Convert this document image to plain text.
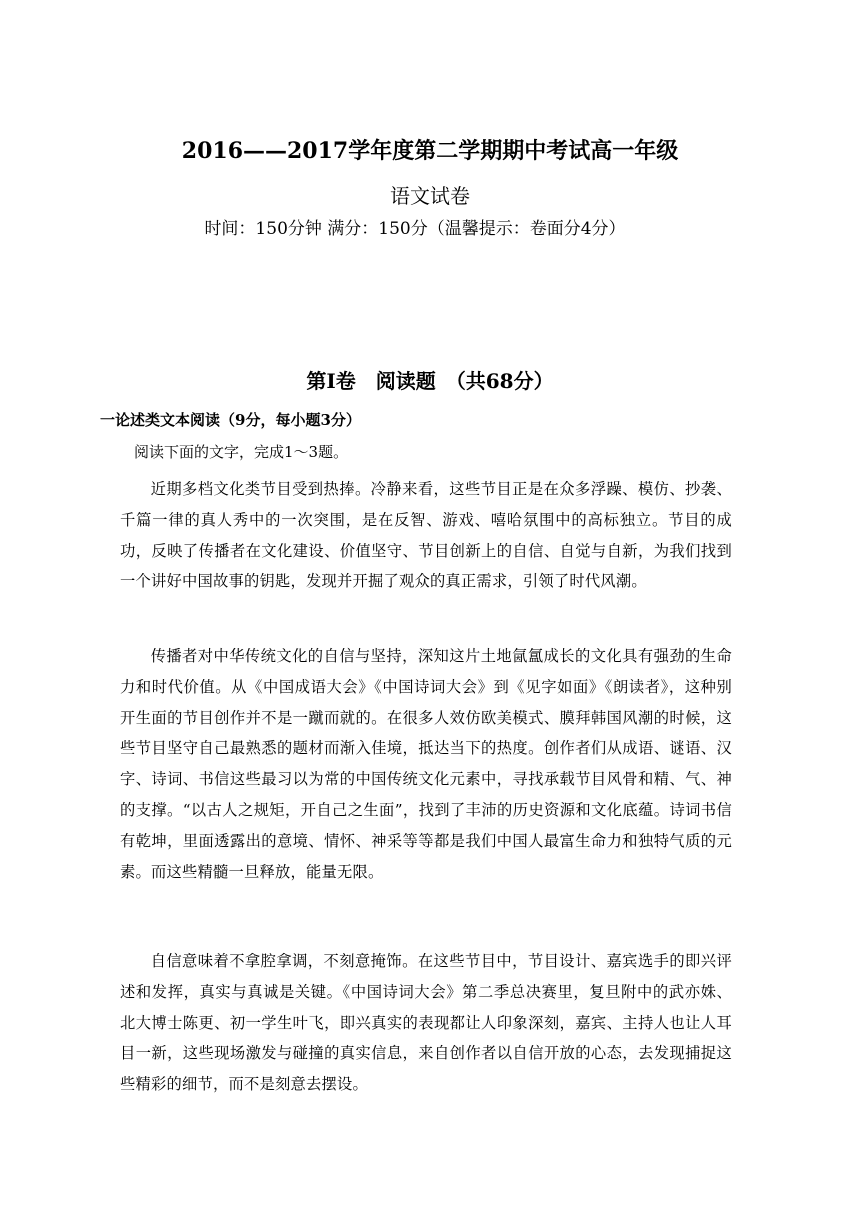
2016——2017学年度第二学期期中考试高一年级
语文试卷
时间：150分钟 满分：150分（温馨提示：卷面分4分）
第Ⅰ卷　阅读题　（共68分）
一论述类文本阅读（9分，每小题3分）
阅读下面的文字，完成1～3题。

近期多档文化类节目受到热捧。冷静来看，这些节目正是在众多浮躁、模仿、抄袭、千篇一律的真人秀中的一次突围，是在反智、游戏、嘻哈氛围中的高标独立。节目的成功，反映了传播者在文化建设、价值坚守、节目创新上的自信、自觉与自新，为我们找到一个讲好中国故事的钥匙，发现并开掘了观众的真正需求，引领了时代风潮。

传播者对中华传统文化的自信与坚持，深知这片土地氤氲成长的文化具有强劲的生命力和时代价值。从《中国成语大会》《中国诗词大会》到《见字如面》《朗读者》，这种别开生面的节目创作并不是一蹴而就的。在很多人效仿欧美模式、膜拜韩国风潮的时候，这些节目坚守自己最熟悉的题材而渐入佳境，抵达当下的热度。创作者们从成语、谜语、汉字、诗词、书信这些最习以为常的中国传统文化元素中，寻找承载节目风骨和精、气、神的支撑。“以古人之规矩，开自己之生面”，找到了丰沛的历史资源和文化底蕴。诗词书信有乾坤，里面透露出的意境、情怀、神采等等都是我们中国人最富生命力和独特气质的元素。而这些精髓一旦释放，能量无限。

自信意味着不拿腔拿调，不刻意掩饰。在这些节目中，节目设计、嘉宾选手的即兴评述和发挥，真实与真诚是关键。《中国诗词大会》第二季总决赛里，复旦附中的武亦姝、北大博士陈更、初一学生叶飞，即兴真实的表现都让人印象深刻，嘉宾、主持人也让人耳目一新，这些现场激发与碰撞的真实信息，来自创作者以自信开放的心态，去发现捕捉这些精彩的细节，而不是刻意去摆设。
